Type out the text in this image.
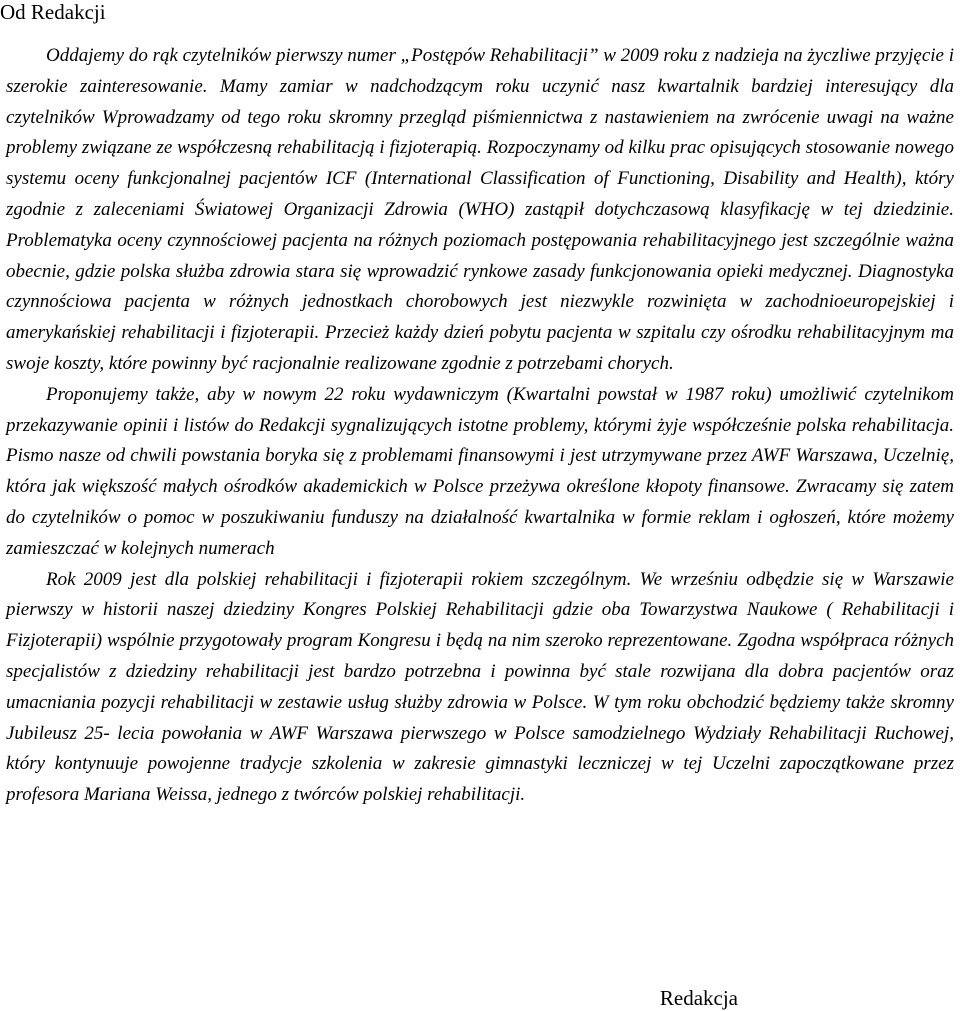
Od Redakcji

Oddajemy do rąk czytelników pierwszy numer „Postępów Rehabilitacji” w 2009 roku z nadzieja na życzliwe przyjęcie i szerokie zainteresowanie. Mamy zamiar w nadchodzącym roku uczynić nasz kwartalnik bardziej interesujący dla czytelników Wprowadzamy od tego roku skromny przegląd piśmiennictwa z nastawieniem na zwrócenie uwagi na ważne problemy związane ze współczesną rehabilitacją i fizjoterapią. Rozpoczynamy od kilku prac opisujących stosowanie nowego systemu oceny funkcjonalnej pacjentów ICF (International Classification of Functioning, Disability and Health), który zgodnie z zaleceniami Światowej Organizacji Zdrowia (WHO) zastąpił dotychczasową klasyfikację w tej dziedzinie. Problematyka oceny czynnościowej pacjenta na różnych poziomach postępowania rehabilitacyjnego jest szczególnie ważna obecnie, gdzie polska służba zdrowia stara się wprowadzić rynkowe zasady funkcjonowania opieki medycznej. Diagnostyka czynnościowa pacjenta w różnych jednostkach chorobowych jest niezwykle rozwinięta w zachodnioeuropejskiej i amerykańskiej rehabilitacji i fizjoterapii. Przecież każdy dzień pobytu pacjenta w szpitalu czy ośrodku rehabilitacyjnym ma swoje koszty, które powinny być racjonalnie realizowane zgodnie z potrzebami chorych.

Proponujemy także, aby w nowym 22 roku wydawniczym (Kwartalni powstał w 1987 roku) umożliwić czytelnikom przekazywanie opinii i listów do Redakcji sygnalizujących istotne problemy, którymi żyje współcześnie polska rehabilitacja. Pismo nasze od chwili powstania boryka się z problemami finansowymi i jest utrzymywane przez AWF Warszawa, Uczelnię, która jak większość małych ośrodków akademickich w Polsce przeżywa określone kłopoty finansowe. Zwracamy się zatem do czytelników o pomoc w poszukiwaniu funduszy na działalność kwartalnika w formie reklam i ogłoszeń, które możemy zamieszczać w kolejnych numerach

Rok 2009 jest dla polskiej rehabilitacji i fizjoterapii rokiem szczególnym. We wrześniu odbędzie się w Warszawie pierwszy w historii naszej dziedziny Kongres Polskiej Rehabilitacji gdzie oba Towarzystwa Naukowe ( Rehabilitacji i Fizjoterapii) wspólnie przygotowały program Kongresu i będą na nim szeroko reprezentowane. Zgodna współpraca różnych specjalistów z dziedziny rehabilitacji jest bardzo potrzebna i powinna być stale rozwijana dla dobra pacjentów oraz umacniania pozycji rehabilitacji w zestawie usług służby zdrowia w Polsce. W tym roku obchodzić będziemy także skromny Jubileusz 25- lecia powołania w AWF Warszawa pierwszego w Polsce samodzielnego Wydziały Rehabilitacji Ruchowej, który kontynuuje powojenne tradycje szkolenia w zakresie gimnastyki leczniczej w tej Uczelni zapoczątkowane przez profesora Mariana Weissa, jednego z twórców polskiej rehabilitacji.

Redakcja
